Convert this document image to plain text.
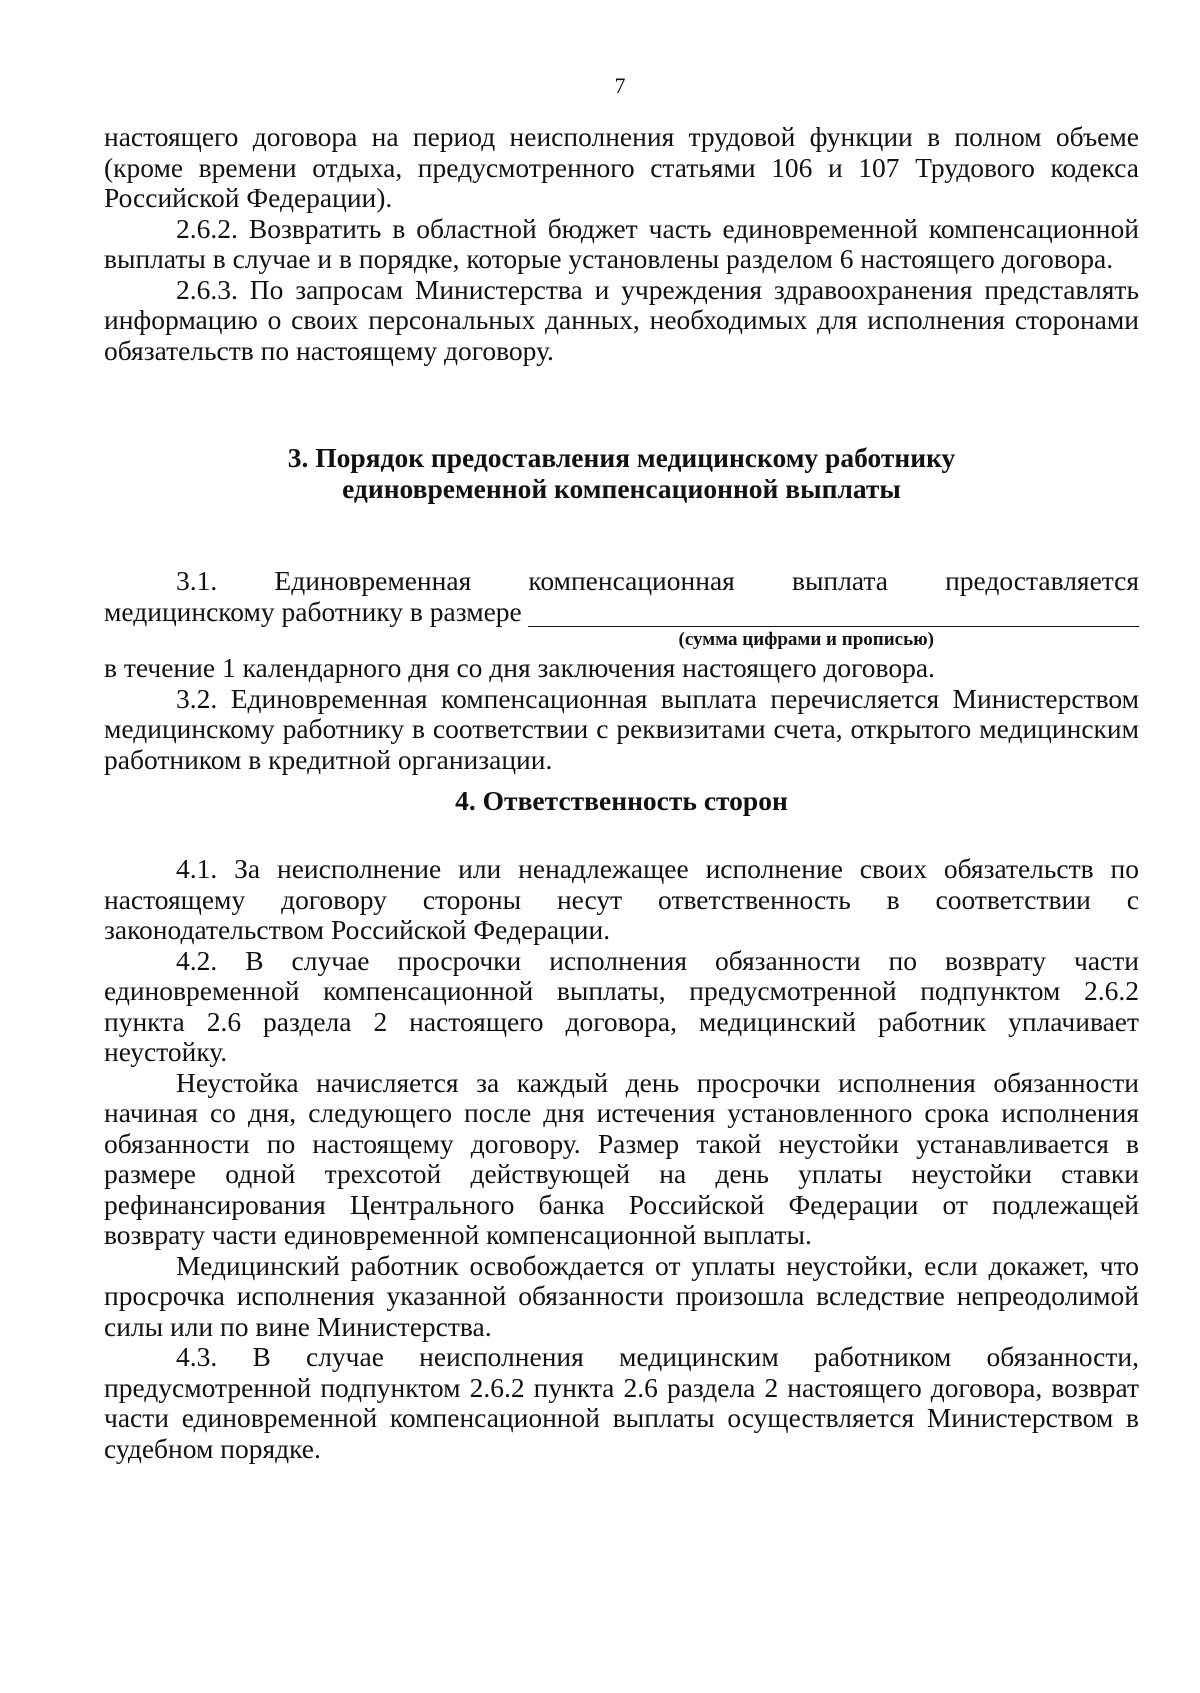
7

настоящего договора на период неисполнения трудовой функции в полном объеме (кроме времени отдыха, предусмотренного статьями 106 и 107 Трудового кодекса Российской Федерации).

2.6.2. Возвратить в областной бюджет часть единовременной компенсационной выплаты в случае и в порядке, которые установлены разделом 6 настоящего договора.

2.6.3. По запросам Министерства и учреждения здравоохранения представлять информацию о своих персональных данных, необходимых для исполнения сторонами обязательств по настоящему договору.

3. Порядок предоставления медицинскому работнику
единовременной компенсационной выплаты
3.1. Единовременная компенсационная выплата предоставляется
медицинскому работнику в размере
(сумма цифрами и прописью)

в течение 1 календарного дня со дня заключения настоящего договора.

3.2. Единовременная компенсационная выплата перечисляется Министерством медицинскому работнику в соответствии с реквизитами счета, открытого медицинским работником в кредитной организации.

4. Ответственность сторон

4.1. За неисполнение или ненадлежащее исполнение своих обязательств по настоящему договору стороны несут ответственность в соответствии с законодательством Российской Федерации.

4.2. В случае просрочки исполнения обязанности по возврату части единовременной компенсационной выплаты, предусмотренной подпунктом 2.6.2 пункта 2.6 раздела 2 настоящего договора, медицинский работник уплачивает неустойку.

Неустойка начисляется за каждый день просрочки исполнения обязанности начиная со дня, следующего после дня истечения установленного срока исполнения обязанности по настоящему договору. Размер такой неустойки устанавливается в размере одной трехсотой действующей на день уплаты неустойки ставки рефинансирования Центрального банка Российской Федерации от подлежащей возврату части единовременной компенсационной выплаты.

Медицинский работник освобождается от уплаты неустойки, если докажет, что просрочка исполнения указанной обязанности произошла вследствие непреодолимой силы или по вине Министерства.

4.3. В случае неисполнения медицинским работником обязанности, предусмотренной подпунктом 2.6.2 пункта 2.6 раздела 2 настоящего договора, возврат части единовременной компенсационной выплаты осуществляется Министерством в судебном порядке.
